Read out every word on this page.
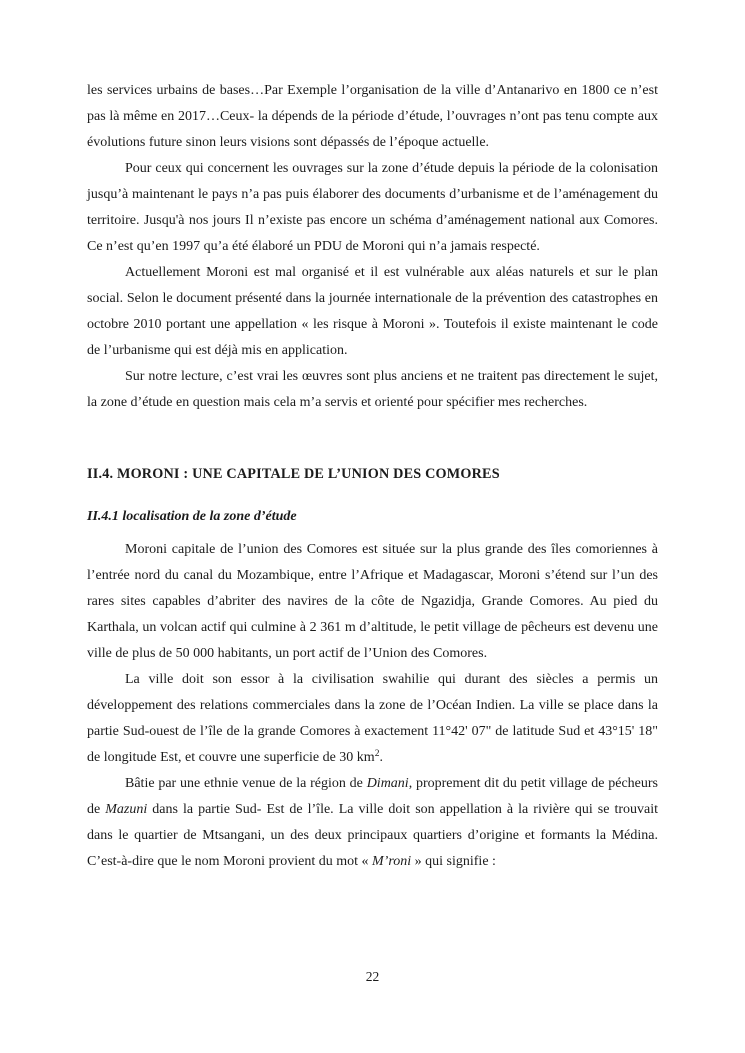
les services urbains de bases…Par Exemple l’organisation de la ville d’Antanarivo en 1800 ce n’est pas là même en 2017…Ceux- la dépends de la période d’étude, l’ouvrages n’ont pas tenu compte aux évolutions future sinon leurs visions sont dépassés de l’époque actuelle.

Pour ceux qui concernent les ouvrages sur la zone d’étude depuis la période de la colonisation jusqu’à maintenant le pays n’a pas puis élaborer des documents d’urbanisme et de l’aménagement du territoire. Jusqu'à nos jours Il n’existe pas encore un schéma d’aménagement national aux Comores. Ce n’est qu’en 1997 qu’a été élaboré un PDU de Moroni qui n’a jamais respecté.

Actuellement Moroni est mal organisé et il est vulnérable aux aléas naturels et sur le plan social. Selon le document présenté dans la journée internationale de la prévention des catastrophes en octobre 2010 portant une appellation « les risque à Moroni ». Toutefois il existe maintenant le code de l’urbanisme qui est déjà mis en application.

Sur notre lecture, c’est vrai les œuvres sont plus anciens et ne traitent pas directement le sujet, la zone d’étude en question mais cela m’a servis et orienté pour spécifier mes recherches.

II.4. MORONI : UNE CAPITALE DE L’UNION DES COMORES
II.4.1 localisation de la zone d’étude

Moroni capitale de l’union des Comores est située sur la plus grande des îles comoriennes à l’entrée nord du canal du Mozambique, entre l’Afrique et Madagascar, Moroni s’étend sur l’un des rares sites capables d’abriter des navires de la côte de Ngazidja, Grande Comores. Au pied du Karthala, un volcan actif qui culmine à 2 361 m d’altitude, le petit village de pêcheurs est devenu une ville de plus de 50 000 habitants, un port actif de l’Union des Comores.

La ville doit son essor à la civilisation swahilie qui durant des siècles a permis un développement des relations commerciales dans la zone de l’Océan Indien. La ville se place dans la partie Sud-ouest de l’île de la grande Comores à exactement 11°42' 07" de latitude Sud et 43°15' 18" de longitude Est, et couvre une superficie de 30 $km^2$.

Bâtie par une ethnie venue de la région de Dimani, proprement dit du petit village de pécheurs de Mazuni dans la partie Sud- Est de l’île. La ville doit son appellation à la rivière qui se trouvait dans le quartier de Mtsangani, un des deux principaux quartiers d’origine et formants la Médina. C’est-à-dire que le nom Moroni provient du mot « M’roni » qui signifie :

22
